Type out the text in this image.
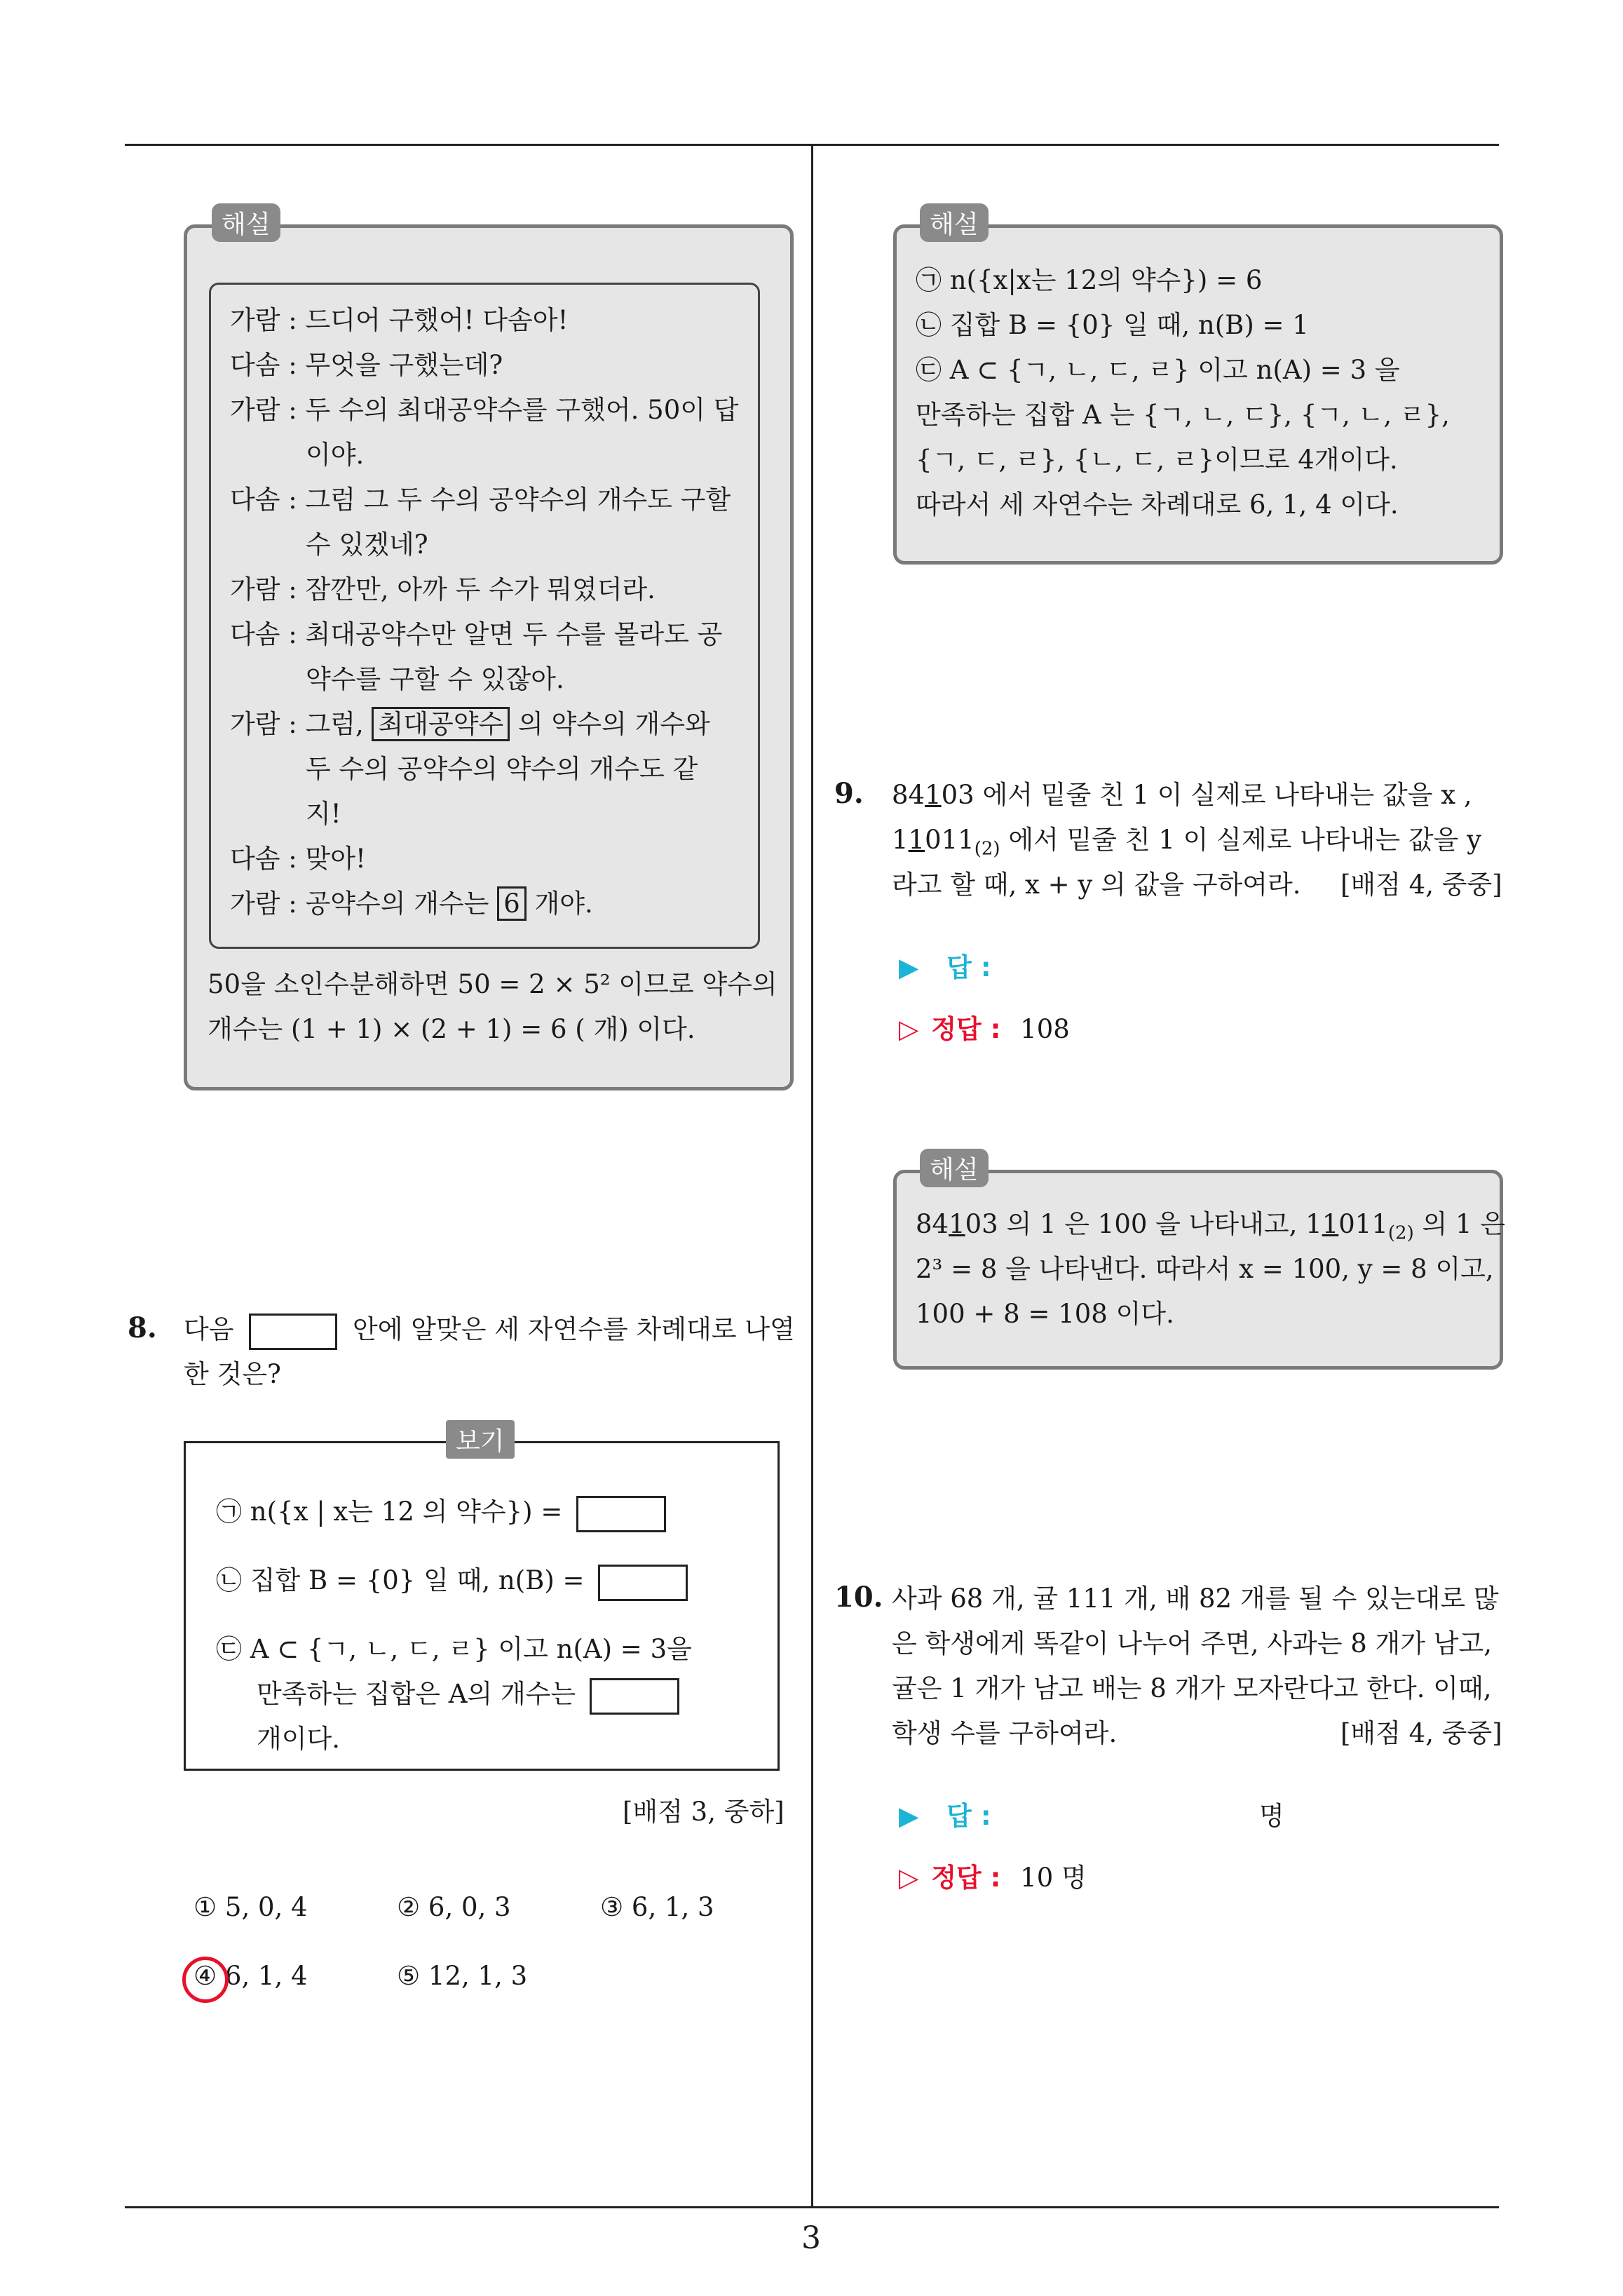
3
해설
가람 : 드디어 구했어! 다솜아!
다솜 : 무엇을 구했는데?
가람 : 두 수의 최대공약수를 구했어. 50이 답
이야.
다솜 : 그럼 그 두 수의 공약수의 개수도 구할
수 있겠네?
가람 : 잠깐만, 아까 두 수가 뭐였더라.
다솜 : 최대공약수만 알면 두 수를 몰라도 공
약수를 구할 수 있잖아.
가람 : 그럼, 최대공약수 의 약수의 개수와
두 수의 공약수의 약수의 개수도 같
지!
다솜 : 맞아!
가람 : 공약수의 개수는 6 개야.
50을 소인수분해하면 50 = 2 × 5² 이므로 약수의
개수는 (1 + 1) × (2 + 1) = 6 ( 개) 이다.
8. 다음	안에 알맞은 세 자연수를 차례대로 나열
한 것은?
보기
㉠ n({x | x는 12 의 약수}) =
㉡ 집합 B = {0} 일 때, n(B) =
㉢ A ⊂ {ㄱ, ㄴ, ㄷ, ㄹ} 이고 n(A) = 3을
만족하는 집합은 A의 개수는
개이다.
[배점 3, 중하]
① 5, 0, 4	② 6, 0, 3	③ 6, 1, 3
④ 6, 1, 4	⑤ 12, 1, 3
해설
㉠ n({x|x는 12의 약수}) = 6
㉡ 집합 B = {0} 일 때, n(B) = 1
㉢ A ⊂ {ㄱ, ㄴ, ㄷ, ㄹ} 이고 n(A) = 3 을
만족하는 집합 A 는 {ㄱ, ㄴ, ㄷ}, {ㄱ, ㄴ, ㄹ},
{ㄱ, ㄷ, ㄹ}, {ㄴ, ㄷ, ㄹ}이므로 4개이다.
따라서 세 자연수는 차례대로 6, 1, 4 이다.
9. 84103 에서 밑줄 친 1 이 실제로 나타내는 값을 x ,
$11011_{(2)}$ 에서 밑줄 친 1 이 실제로 나타내는 값을 y
라고 할 때, x + y 의 값을 구하여라. [배점 4, 중중]
▶ 답 :
▷ 정답 : 108
해설
84103 의 1 은 100 을 나타내고, $11011_{(2)}$ 의 1 은
2³ = 8 을 나타낸다. 따라서 x = 100, y = 8 이고,
100 + 8 = 108 이다.
10. 사과 68 개, 귤 111 개, 배 82 개를 될 수 있는대로 많
은 학생에게 똑같이 나누어 주면, 사과는 8 개가 남고,
귤은 1 개가 남고 배는 8 개가 모자란다고 한다. 이때,
학생 수를 구하여라.	[배점 4, 중중]
▶ 답 :	명
▷ 정답 : 10 명
